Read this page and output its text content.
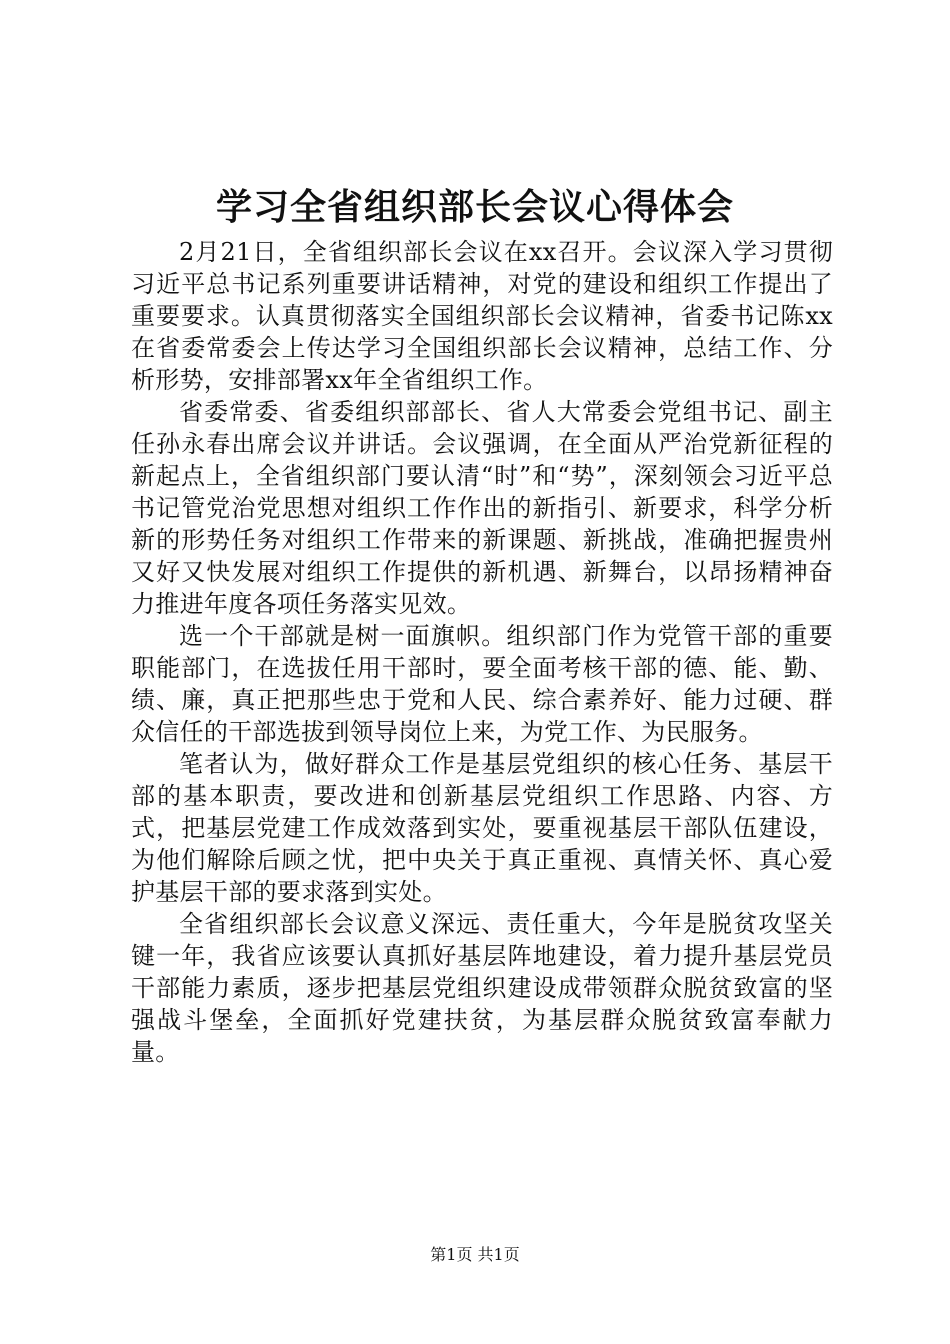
学习全省组织部长会议心得体会

2月21日，全省组织部长会议在xx召开。会议深入学习贯彻习近平总书记系列重要讲话精神，对党的建设和组织工作提出了重要要求。认真贯彻落实全国组织部长会议精神，省委书记陈xx在省委常委会上传达学习全国组织部长会议精神，总结工作、分析形势，安排部署xx年全省组织工作。

省委常委、省委组织部部长、省人大常委会党组书记、副主任孙永春出席会议并讲话。会议强调，在全面从严治党新征程的新起点上，全省组织部门要认清“时”和“势”，深刻领会习近平总书记管党治党思想对组织工作作出的新指引、新要求，科学分析新的形势任务对组织工作带来的新课题、新挑战，准确把握贵州又好又快发展对组织工作提供的新机遇、新舞台，以昂扬精神奋力推进年度各项任务落实见效。

选一个干部就是树一面旗帜。组织部门作为党管干部的重要职能部门，在选拔任用干部时，要全面考核干部的德、能、勤、绩、廉，真正把那些忠于党和人民、综合素养好、能力过硬、群众信任的干部选拔到领导岗位上来，为党工作、为民服务。

笔者认为，做好群众工作是基层党组织的核心任务、基层干部的基本职责，要改进和创新基层党组织工作思路、内容、方式，把基层党建工作成效落到实处，要重视基层干部队伍建设，为他们解除后顾之忧，把中央关于真正重视、真情关怀、真心爱护基层干部的要求落到实处。

全省组织部长会议意义深远、责任重大，今年是脱贫攻坚关键一年，我省应该要认真抓好基层阵地建设，着力提升基层党员干部能力素质，逐步把基层党组织建设成带领群众脱贫致富的坚强战斗堡垒，全面抓好党建扶贫，为基层群众脱贫致富奉献力量。

第1页 共1页
